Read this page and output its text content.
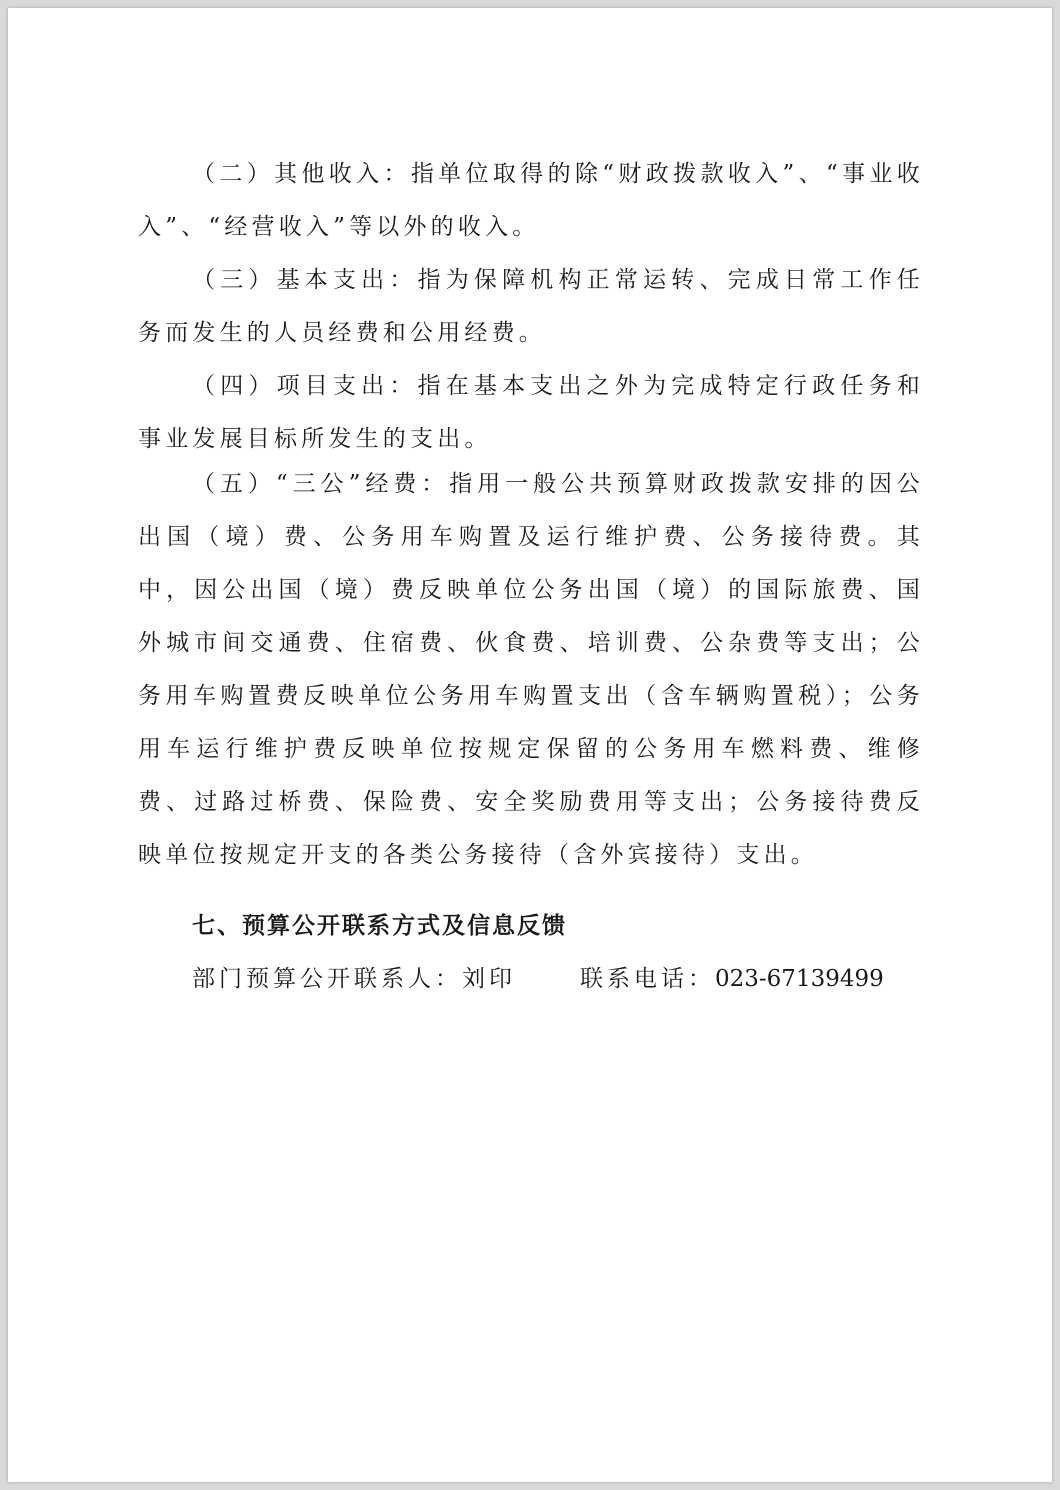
（二）其他收入：指单位取得的除“财政拨款收入”、“事业收入”、“经营收入”等以外的收入。

（三）基本支出：指为保障机构正常运转、完成日常工作任务而发生的人员经费和公用经费。

（四）项目支出：指在基本支出之外为完成特定行政任务和事业发展目标所发生的支出。

（五）“三公”经费：指用一般公共预算财政拨款安排的因公出国（境）费、公务用车购置及运行维护费、公务接待费。其中，因公出国（境）费反映单位公务出国（境）的国际旅费、国外城市间交通费、住宿费、伙食费、培训费、公杂费等支出；公务用车购置费反映单位公务用车购置支出（含车辆购置税）；公务用车运行维护费反映单位按规定保留的公务用车燃料费、维修费、过路过桥费、保险费、安全奖励费用等支出；公务接待费反映单位按规定开支的各类公务接待（含外宾接待）支出。

七、预算公开联系方式及信息反馈

部门预算公开联系人：刘印	联系电话：023-67139499
